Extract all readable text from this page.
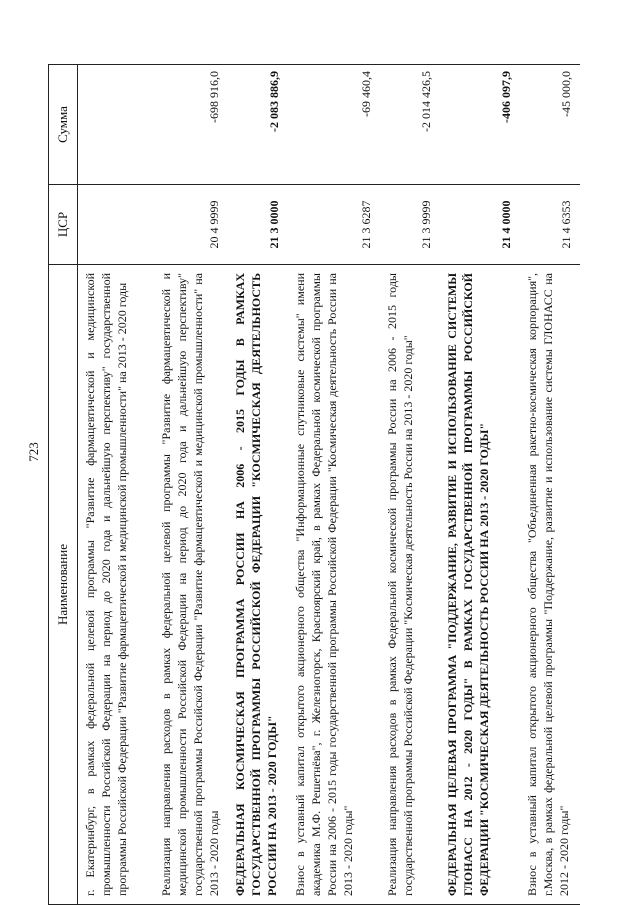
723
Наименование	ЦСР	Сумма
г. Екатеринбург, в рамках федеральной целевой программы "Развитие фармацевтической и медицинской промышленности Российской Федерации на период до 2020 года и дальнейшую перспективу" государственной программы Российской Федерации "Развитие фармацевтической и медицинской промышленности" на 2013 - 2020 годы		
Реализация направления расходов в рамках федеральной целевой программы "Развитие фармацевтической и медицинской промышленности Российской Федерации на период до 2020 года и дальнейшую перспективу" государственной программы Российской Федерации "Развитие фармацевтической и медицинской промышленности" на 2013 - 2020 годы	20 4 9999	-698 916,0
ФЕДЕРАЛЬНАЯ КОСМИЧЕСКАЯ ПРОГРАММА РОССИИ НА 2006 - 2015 ГОДЫ В РАМКАХ ГОСУДАРСТВЕННОЙ ПРОГРАММЫ РОССИЙСКОЙ ФЕДЕРАЦИИ "КОСМИЧЕСКАЯ ДЕЯТЕЛЬНОСТЬ РОССИИ НА 2013 - 2020 ГОДЫ"	21 3 0000	-2 083 886,9
Взнос в уставный капитал открытого акционерного общества "Информационные спутниковые системы" имени академика М.Ф. Решетнёва", г. Железногорск, Красноярский край, в рамках Федеральной космической программы России на 2006 - 2015 годы государственной программы Российской Федерации "Космическая деятельность России на 2013 - 2020 годы"	21 3 6287	-69 460,4
Реализация направления расходов в рамках Федеральной космической программы России на 2006 - 2015 годы государственной программы Российской Федерации "Космическая деятельность России на 2013 - 2020 годы"	21 3 9999	-2 014 426,5
ФЕДЕРАЛЬНАЯ ЦЕЛЕВАЯ ПРОГРАММА "ПОДДЕРЖАНИЕ, РАЗВИТИЕ И ИСПОЛЬЗОВАНИЕ СИСТЕМЫ ГЛОНАСС НА 2012 - 2020 ГОДЫ" В РАМКАХ ГОСУДАРСТВЕННОЙ ПРОГРАММЫ РОССИЙСКОЙ ФЕДЕРАЦИИ "КОСМИЧЕСКАЯ ДЕЯТЕЛЬНОСТЬ РОССИИ НА 2013 - 2020 ГОДЫ"	21 4 0000	-406 097,9
Взнос в уставный капитал открытого акционерного общества "Объединенная ракетно-космическая корпорация", г.Москва, в рамках федеральной целевой программы "Поддержание, развитие и использование системы ГЛОНАСС на 2012 - 2020 годы"	21 4 6353	-45 000,0
